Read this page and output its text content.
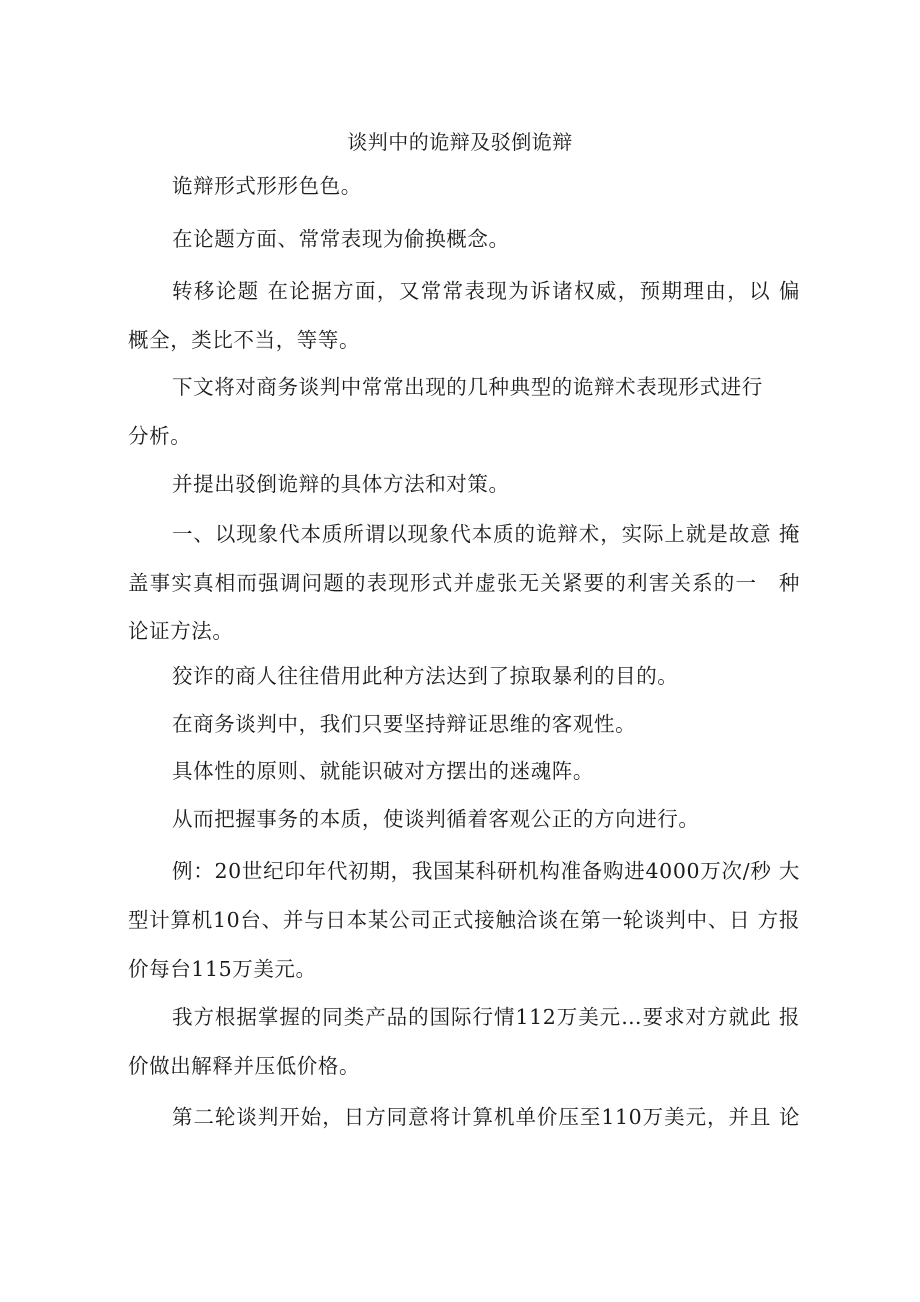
谈判中的诡辩及驳倒诡辩
诡辩形式形形色色。
在论题方面、常常表现为偷换概念。
转移论题 在论据方面，又常常表现为诉诸权威，预期理由，以 偏
概全，类比不当，等等。
下文将对商务谈判中常常出现的几种典型的诡辩术表现形式进行
分析。
并提出驳倒诡辩的具体方法和对策。
一、以现象代本质所谓以现象代本质的诡辩术，实际上就是故意 掩
盖事实真相而强调问题的表现形式并虚张无关紧要的利害关系的一　种
论证方法。
狡诈的商人往往借用此种方法达到了掠取暴利的目的。
在商务谈判中，我们只要坚持辩证思维的客观性。
具体性的原则、就能识破对方摆出的迷魂阵。
从而把握事务的本质，使谈判循着客观公正的方向进行。
例：20世纪印年代初期，我国某科研机构准备购进4000万次/秒 大
型计算机10台、并与日本某公司正式接触洽谈在第一轮谈判中、日 方报
价每台115万美元。
我方根据掌握的同类产品的国际行情112万美元…要求对方就此 报
价做出解释并压低价格。
第二轮谈判开始，日方同意将计算机单价压至110万美元，并且 论
